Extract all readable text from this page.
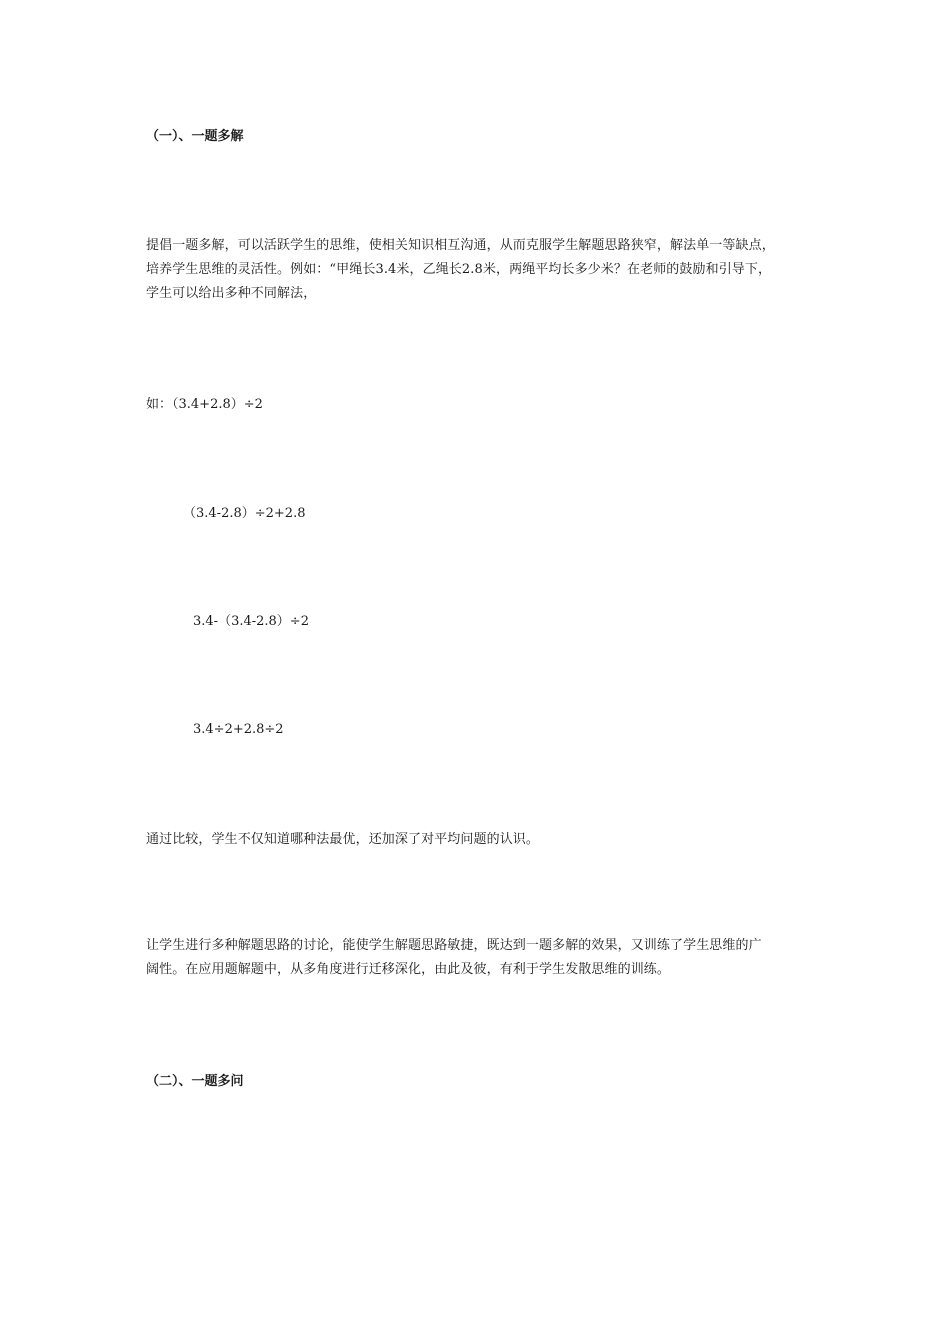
（一）、一题多解
提倡一题多解，可以活跃学生的思维，使相关知识相互沟通，从而克服学生解题思路狭窄，解法单一等缺点，
培养学生思维的灵活性。例如：“甲绳长3.4米，乙绳长2.8米，两绳平均长多少米？在老师的鼓励和引导下，
学生可以给出多种不同解法，
如：（3.4+2.8）÷2
（3.4-2.8）÷2+2.8
3.4-（3.4-2.8）÷2
3.4÷2+2.8÷2
通过比较，学生不仅知道哪种法最优，还加深了对平均问题的认识。
让学生进行多种解题思路的讨论，能使学生解题思路敏捷，既达到一题多解的效果，又训练了学生思维的广
阔性。在应用题解题中，从多角度进行迁移深化，由此及彼，有利于学生发散思维的训练。
（二）、一题多问
